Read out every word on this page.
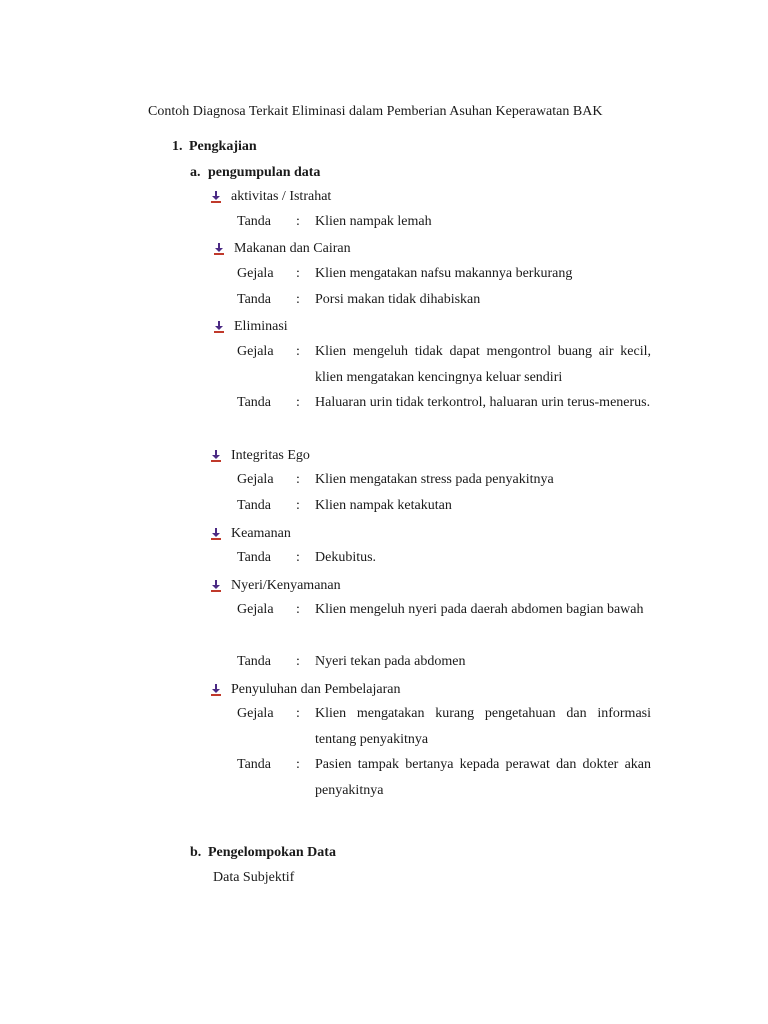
Contoh Diagnosa Terkait Eliminasi dalam Pemberian Asuhan Keperawatan BAK
1. Pengkajian
a. pengumpulan data
aktivitas / Istrahat
Tanda : Klien nampak lemah
Makanan dan Cairan
Gejala : Klien mengatakan nafsu makannya berkurang
Tanda : Porsi makan tidak dihabiskan
Eliminasi
Gejala : Klien mengeluh tidak dapat mengontrol buang air kecil, klien mengatakan kencingnya keluar sendiri
Tanda : Haluaran urin tidak terkontrol, haluaran urin terus-menerus.
Integritas Ego
Gejala : Klien mengatakan stress pada penyakitnya
Tanda : Klien nampak ketakutan
Keamanan
Tanda : Dekubitus.
Nyeri/Kenyamanan
Gejala : Klien mengeluh nyeri pada daerah abdomen bagian bawah
Tanda : Nyeri tekan pada abdomen
Penyuluhan dan Pembelajaran
Gejala : Klien mengatakan kurang pengetahuan dan informasi tentang penyakitnya
Tanda : Pasien tampak bertanya kepada perawat dan dokter akan penyakitnya
b. Pengelompokan Data
Data Subjektif
